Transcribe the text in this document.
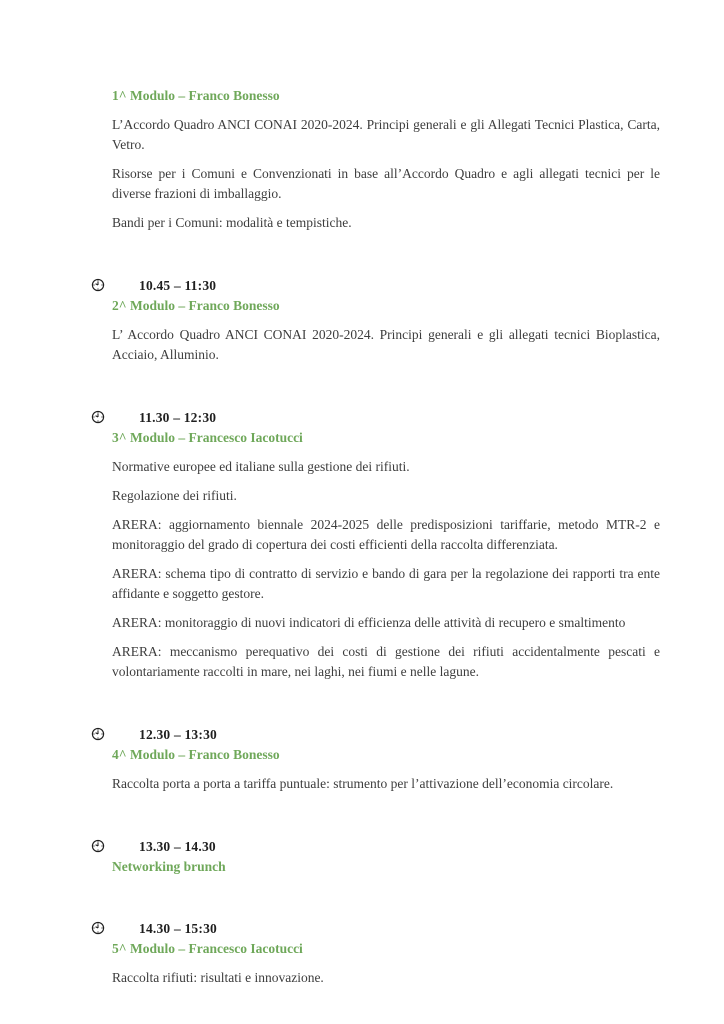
1^ Modulo – Franco Bonesso

L’Accordo Quadro ANCI CONAI 2020-2024. Principi generali e gli Allegati Tecnici Plastica, Carta, Vetro.

Risorse per i Comuni e Convenzionati in base all’Accordo Quadro e agli allegati tecnici per le diverse frazioni di imballaggio.

Bandi per i Comuni: modalità e tempistiche.

10.45 – 11:30
2^ Modulo – Franco Bonesso

L’ Accordo Quadro ANCI CONAI 2020-2024. Principi generali e gli allegati tecnici Bioplastica, Acciaio, Alluminio.

11.30 – 12:30
3^ Modulo – Francesco Iacotucci

Normative europee ed italiane sulla gestione dei rifiuti.

Regolazione dei rifiuti.

ARERA: aggiornamento biennale 2024-2025 delle predisposizioni tariffarie, metodo MTR-2 e monitoraggio del grado di copertura dei costi efficienti della raccolta differenziata.

ARERA: schema tipo di contratto di servizio e bando di gara per la regolazione dei rapporti tra ente affidante e soggetto gestore.

ARERA: monitoraggio di nuovi indicatori di efficienza delle attività di recupero e smaltimento

ARERA: meccanismo perequativo dei costi di gestione dei rifiuti accidentalmente pescati e volontariamente raccolti in mare, nei laghi, nei fiumi e nelle lagune.

12.30 – 13:30
4^ Modulo – Franco Bonesso

Raccolta porta a porta a tariffa puntuale: strumento per l’attivazione dell’economia circolare.

13.30 – 14.30
Networking brunch
14.30 – 15:30
5^ Modulo – Francesco Iacotucci

Raccolta rifiuti: risultati e innovazione.
